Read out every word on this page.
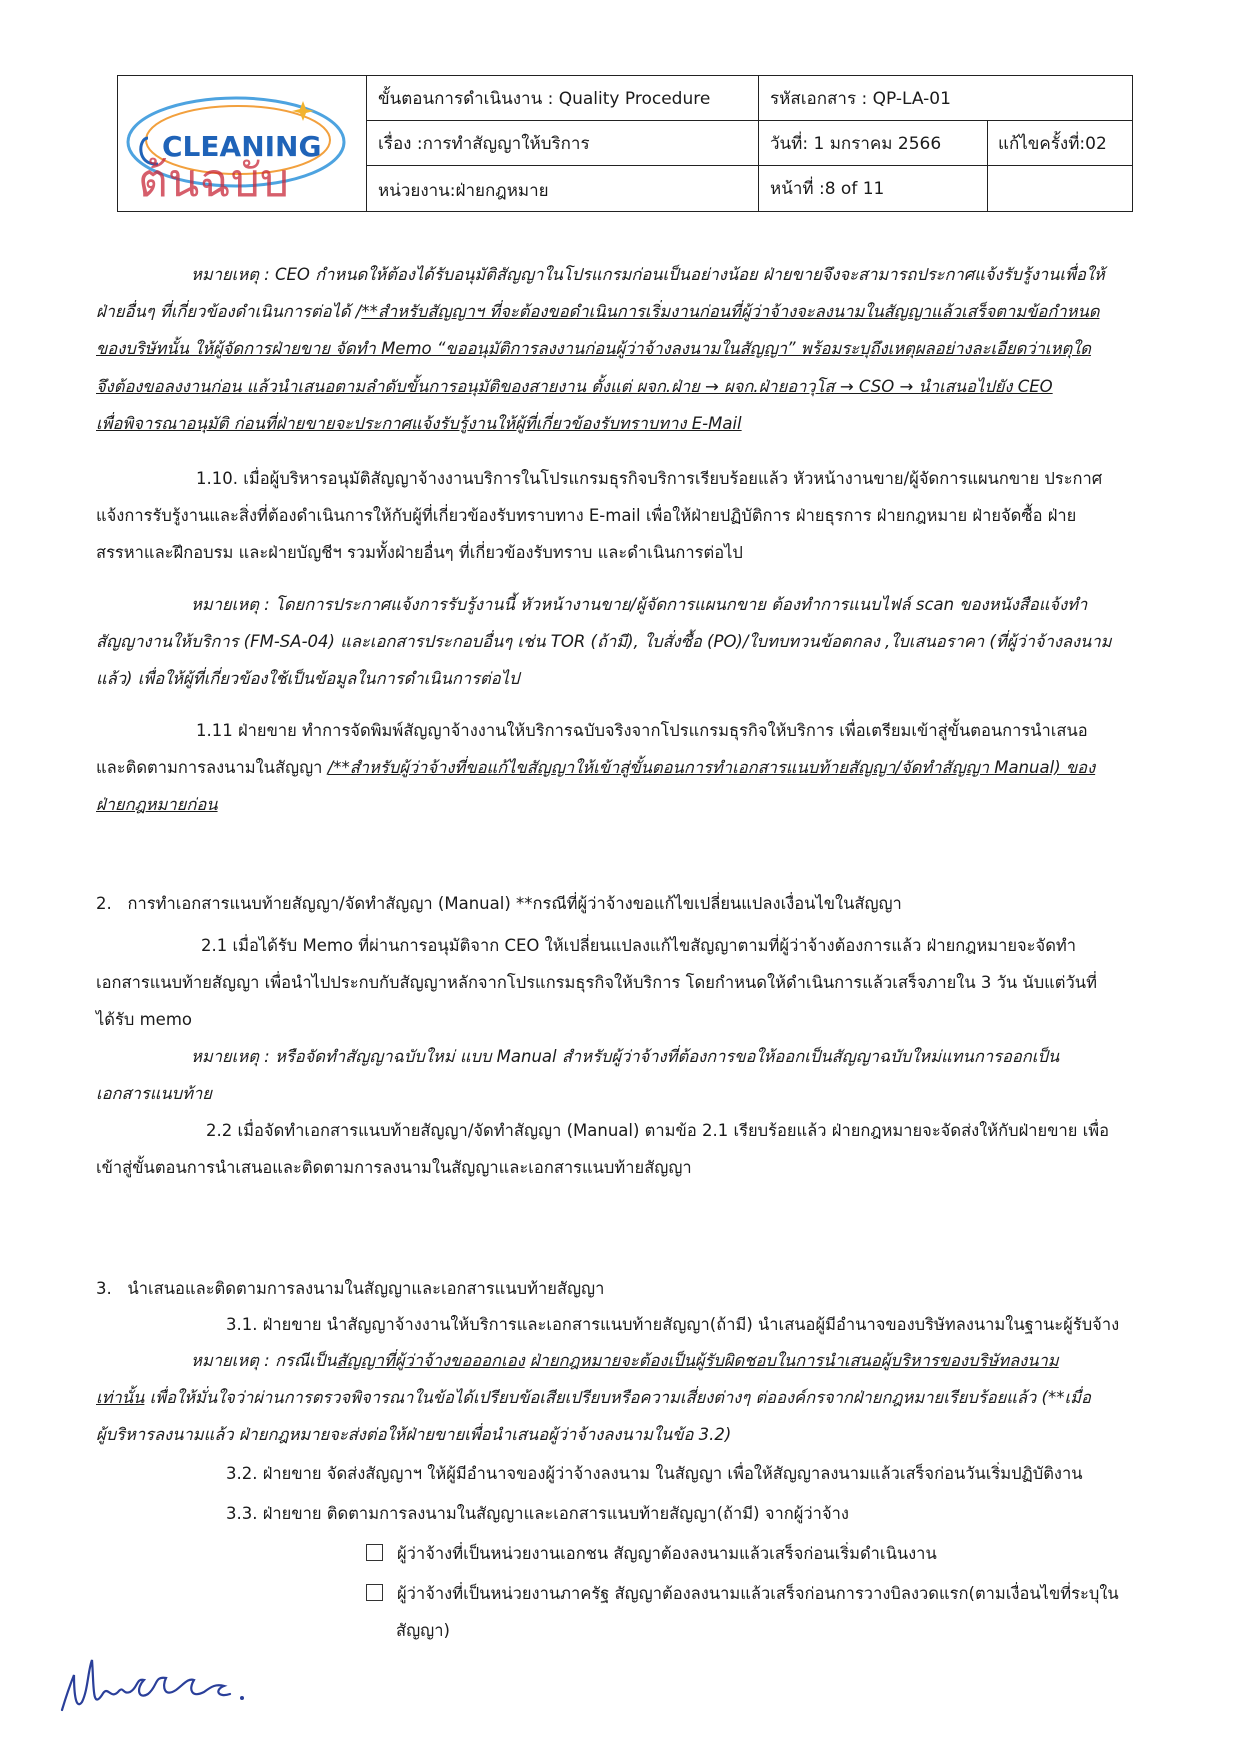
CLEANING
ต้นฉบับ
ขั้นตอนการดำเนินงาน : Quality Procedure	รหัสเอกสาร : QP-LA-01
เรื่อง :การทำสัญญาให้บริการ	วันที่: 1 มกราคม 2566	แก้ไขครั้งที่:02
หน่วยงาน:ฝ่ายกฎหมาย	หน้าที่ :8 of 11
หมายเหตุ : CEO กำหนดให้ต้องได้รับอนุมัติสัญญาในโปรแกรมก่อนเป็นอย่างน้อย ฝ่ายขายจึงจะสามารถประกาศแจ้งรับรู้งานเพื่อให้
ฝ่ายอื่นๆ ที่เกี่ยวข้องดำเนินการต่อได้ /**สำหรับสัญญาฯ ที่จะต้องขอดำเนินการเริ่มงานก่อนที่ผู้ว่าจ้างจะลงนามในสัญญาแล้วเสร็จตามข้อกำหนด
ของบริษัทนั้น ให้ผู้จัดการฝ่ายขาย จัดทำ Memo “ขออนุมัติการลงงานก่อนผู้ว่าจ้างลงนามในสัญญา” พร้อมระบุถึงเหตุผลอย่างละเอียดว่าเหตุใด
จึงต้องขอลงงานก่อน แล้วนำเสนอตามลำดับขั้นการอนุมัติของสายงาน ตั้งแต่ ผจก.ฝ่าย → ผจก.ฝ่ายอาวุโส → CSO → นำเสนอไปยัง CEO
เพื่อพิจารณาอนุมัติ ก่อนที่ฝ่ายขายจะประกาศแจ้งรับรู้งานให้ผู้ที่เกี่ยวข้องรับทราบทาง E-Mail
1.10. เมื่อผู้บริหารอนุมัติสัญญาจ้างงานบริการในโปรแกรมธุรกิจบริการเรียบร้อยแล้ว หัวหน้างานขาย/ผู้จัดการแผนกขาย ประกาศ
แจ้งการรับรู้งานและสิ่งที่ต้องดำเนินการให้กับผู้ที่เกี่ยวข้องรับทราบทาง E-mail เพื่อให้ฝ่ายปฏิบัติการ ฝ่ายธุรการ ฝ่ายกฎหมาย ฝ่ายจัดซื้อ ฝ่าย
สรรหาและฝึกอบรม และฝ่ายบัญชีฯ รวมทั้งฝ่ายอื่นๆ ที่เกี่ยวข้องรับทราบ และดำเนินการต่อไป
หมายเหตุ : โดยการประกาศแจ้งการรับรู้งานนี้ หัวหน้างานขาย/ผู้จัดการแผนกขาย ต้องทำการแนบไฟล์ scan ของหนังสือแจ้งทำ
สัญญางานให้บริการ (FM-SA-04) และเอกสารประกอบอื่นๆ เช่น TOR (ถ้ามี), ใบสั่งซื้อ (PO)/ใบทบทวนข้อตกลง ,ใบเสนอราคา (ที่ผู้ว่าจ้างลงนาม
แล้ว) เพื่อให้ผู้ที่เกี่ยวข้องใช้เป็นข้อมูลในการดำเนินการต่อไป
1.11 ฝ่ายขาย ทำการจัดพิมพ์สัญญาจ้างงานให้บริการฉบับจริงจากโปรแกรมธุรกิจให้บริการ เพื่อเตรียมเข้าสู่ขั้นตอนการนำเสนอ
และติดตามการลงนามในสัญญา /**สำหรับผู้ว่าจ้างที่ขอแก้ไขสัญญาให้เข้าสู่ขั้นตอนการทำเอกสารแนบท้ายสัญญา/จัดทำสัญญา Manual) ของ
ฝ่ายกฎหมายก่อน
2. การทำเอกสารแนบท้ายสัญญา/จัดทำสัญญา (Manual) **กรณีที่ผู้ว่าจ้างขอแก้ไขเปลี่ยนแปลงเงื่อนไขในสัญญา
2.1 เมื่อได้รับ Memo ที่ผ่านการอนุมัติจาก CEO ให้เปลี่ยนแปลงแก้ไขสัญญาตามที่ผู้ว่าจ้างต้องการแล้ว ฝ่ายกฎหมายจะจัดทำ
เอกสารแนบท้ายสัญญา เพื่อนำไปประกบกับสัญญาหลักจากโปรแกรมธุรกิจให้บริการ โดยกำหนดให้ดำเนินการแล้วเสร็จภายใน 3 วัน นับแต่วันที่
ได้รับ memo
หมายเหตุ : หรือจัดทำสัญญาฉบับใหม่ แบบ Manual สำหรับผู้ว่าจ้างที่ต้องการขอให้ออกเป็นสัญญาฉบับใหม่แทนการออกเป็น
เอกสารแนบท้าย
2.2 เมื่อจัดทำเอกสารแนบท้ายสัญญา/จัดทำสัญญา (Manual) ตามข้อ 2.1 เรียบร้อยแล้ว ฝ่ายกฎหมายจะจัดส่งให้กับฝ่ายขาย เพื่อ
เข้าสู่ขั้นตอนการนำเสนอและติดตามการลงนามในสัญญาและเอกสารแนบท้ายสัญญา
3. นำเสนอและติดตามการลงนามในสัญญาและเอกสารแนบท้ายสัญญา
3.1. ฝ่ายขาย นำสัญญาจ้างงานให้บริการและเอกสารแนบท้ายสัญญา(ถ้ามี) นำเสนอผู้มีอำนาจของบริษัทลงนามในฐานะผู้รับจ้าง
หมายเหตุ : กรณีเป็นสัญญาที่ผู้ว่าจ้างขอออกเอง ฝ่ายกฎหมายจะต้องเป็นผู้รับผิดชอบในการนำเสนอผู้บริหารของบริษัทลงนาม
เท่านั้น เพื่อให้มั่นใจว่าผ่านการตรวจพิจารณาในข้อได้เปรียบข้อเสียเปรียบหรือความเสี่ยงต่างๆ ต่อองค์กรจากฝ่ายกฎหมายเรียบร้อยแล้ว (**เมื่อ
ผู้บริหารลงนามแล้ว ฝ่ายกฎหมายจะส่งต่อให้ฝ่ายขายเพื่อนำเสนอผู้ว่าจ้างลงนามในข้อ 3.2)
3.2. ฝ่ายขาย จัดส่งสัญญาฯ ให้ผู้มีอำนาจของผู้ว่าจ้างลงนาม ในสัญญา เพื่อให้สัญญาลงนามแล้วเสร็จก่อนวันเริ่มปฏิบัติงาน
3.3. ฝ่ายขาย ติดตามการลงนามในสัญญาและเอกสารแนบท้ายสัญญา(ถ้ามี) จากผู้ว่าจ้าง
ผู้ว่าจ้างที่เป็นหน่วยงานเอกชน สัญญาต้องลงนามแล้วเสร็จก่อนเริ่มดำเนินงาน
ผู้ว่าจ้างที่เป็นหน่วยงานภาครัฐ สัญญาต้องลงนามแล้วเสร็จก่อนการวางบิลงวดแรก(ตามเงื่อนไขที่ระบุใน
สัญญา)
